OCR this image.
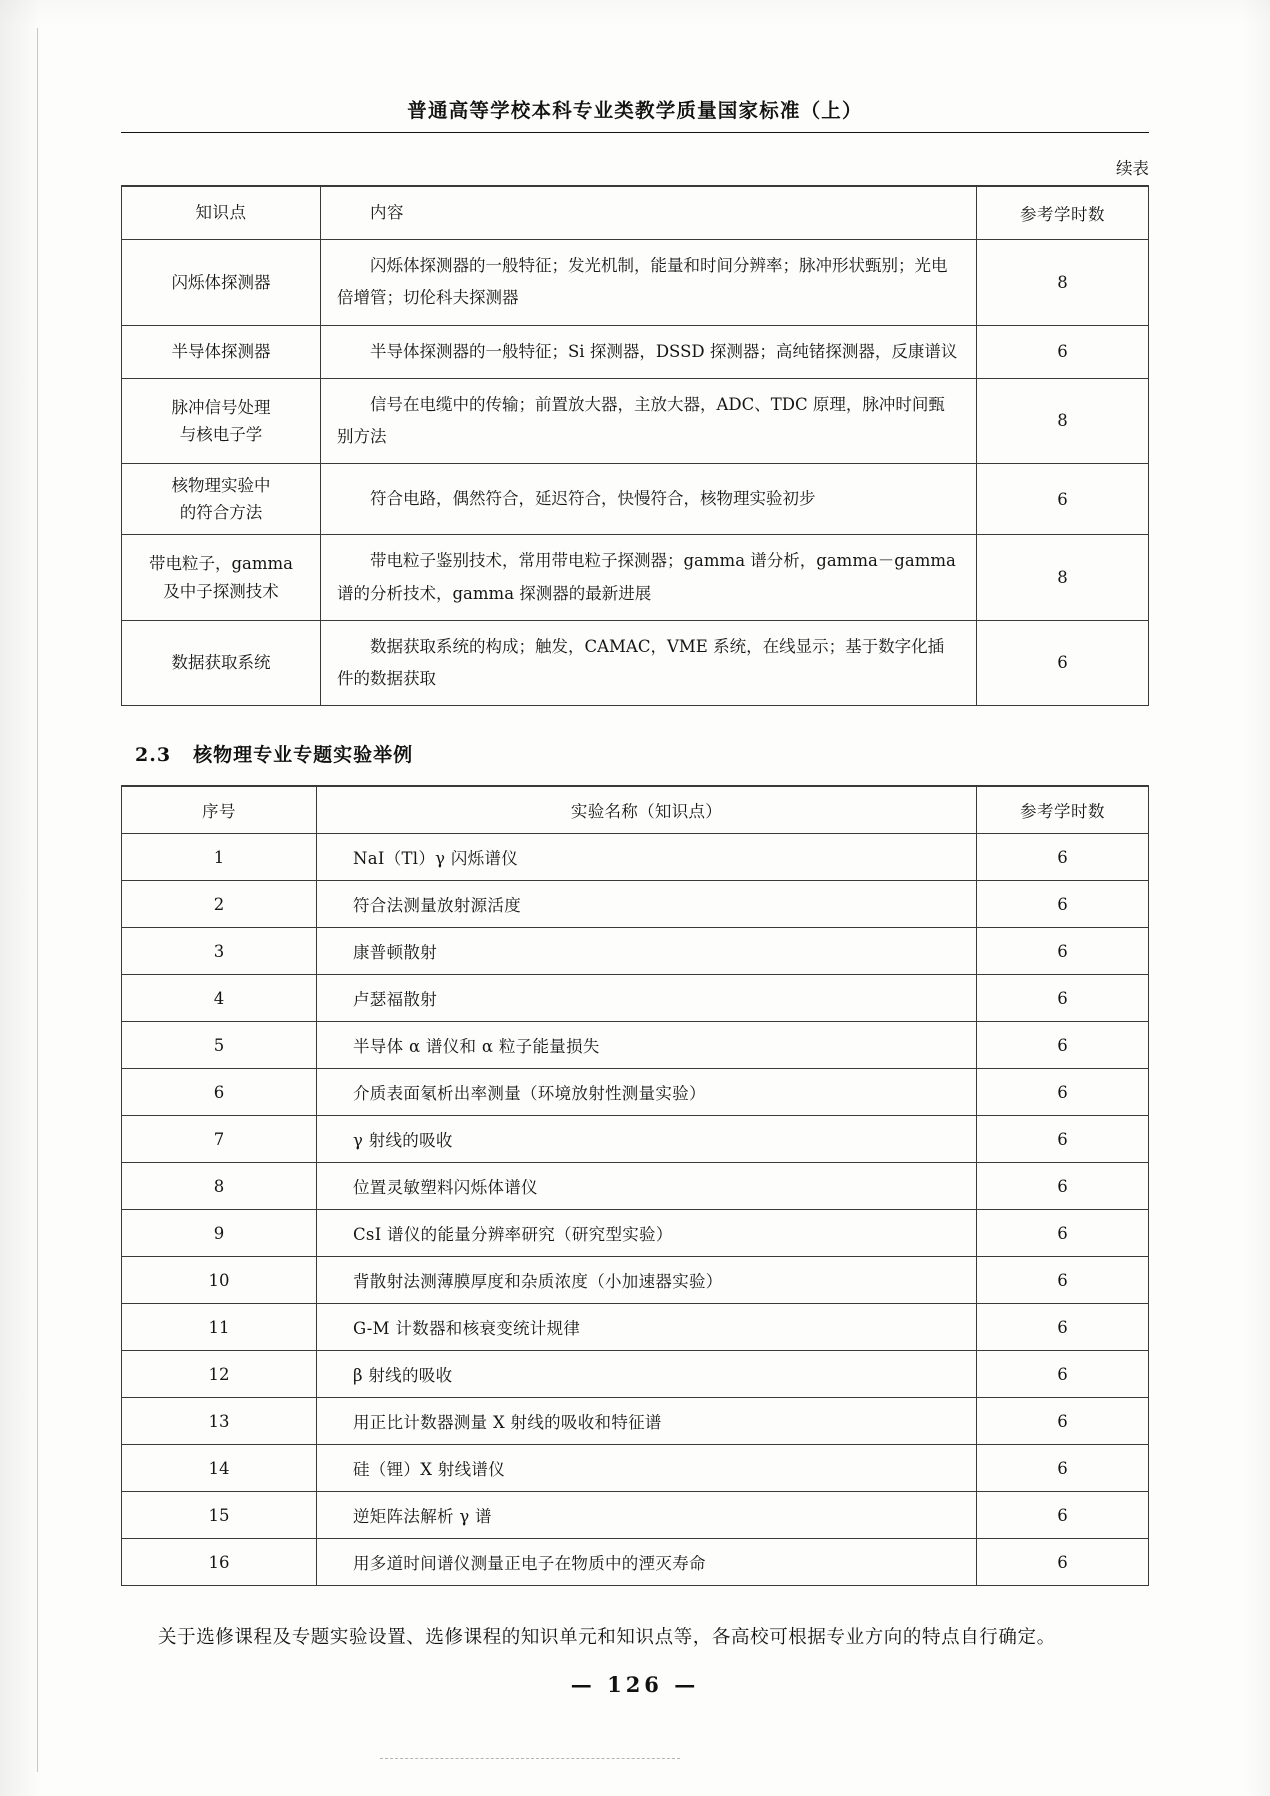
普通高等学校本科专业类教学质量国家标准（上）
续表
知识点	内容	参考学时数

闪烁体探测器	闪烁体探测器的一般特征；发光机制，能量和时间分辨率；脉冲形状甄别；光电倍增管；切伦科夫探测器	8

半导体探测器	半导体探测器的一般特征；Si 探测器，DSSD 探测器；高纯锗探测器，反康谱议	6

脉冲信号处理
与核电子学	信号在电缆中的传输；前置放大器，主放大器，ADC、TDC 原理，脉冲时间甄别方法	8

核物理实验中
的符合方法	符合电路，偶然符合，延迟符合，快慢符合，核物理实验初步	6

带电粒子，gamma
及中子探测技术	带电粒子鉴别技术，常用带电粒子探测器；gamma 谱分析，gamma－gamma 谱的分析技术，gamma 探测器的最新进展	8

数据获取系统	数据获取系统的构成；触发，CAMAC，VME 系统，在线显示；基于数字化插件的数据获取	6
2.3 核物理专业专题实验举例
序号	实验名称（知识点）	参考学时数
1	NaI（Tl）γ 闪烁谱仪	6
2	符合法测量放射源活度	6
3	康普顿散射	6
4	卢瑟福散射	6
5	半导体 α 谱仪和 α 粒子能量损失	6
6	介质表面氡析出率测量（环境放射性测量实验）	6
7	γ 射线的吸收	6
8	位置灵敏塑料闪烁体谱仪	6
9	CsI 谱仪的能量分辨率研究（研究型实验）	6
10	背散射法测薄膜厚度和杂质浓度（小加速器实验）	6
11	G-M 计数器和核衰变统计规律	6
12	β 射线的吸收	6
13	用正比计数器测量 X 射线的吸收和特征谱	6
14	硅（锂）X 射线谱仪	6
15	逆矩阵法解析 γ 谱	6
16	用多道时间谱仪测量正电子在物质中的湮灭寿命	6

关于选修课程及专题实验设置、选修课程的知识单元和知识点等，各高校可根据专业方向的特点自行确定。

— 126 —
